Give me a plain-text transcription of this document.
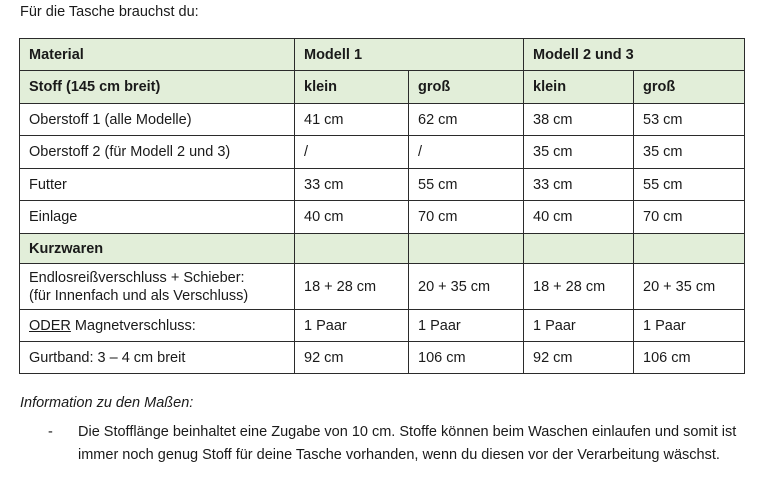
Für die Tasche brauchst du:
Material	Modell 1		Modell 2 und 3	
Stoff (145 cm breit)	klein	groß	klein	groß
Oberstoff 1 (alle Modelle)	41 cm	62 cm	38 cm	53 cm
Oberstoff 2 (für Modell 2 und 3)	/	/	35 cm	35 cm
Futter	33 cm	55 cm	33 cm	55 cm
Einlage	40 cm	70 cm	40 cm	70 cm
Kurzwaren				

Endlosreißverschluss + Schieber:
(für Innenfach und als Verschluss)	18 + 28 cm	20 + 35 cm	18 + 28 cm	20 + 35 cm
ODER Magnetverschluss:	1 Paar	1 Paar	1 Paar	1 Paar
Gurtband: 3 – 4 cm breit	92 cm	106 cm	92 cm	106 cm
Information zu den Maßen:
- Die Stofflänge beinhaltet eine Zugabe von 10 cm. Stoffe können beim Waschen einlaufen und somit ist immer noch genug Stoff für deine Tasche vorhanden, wenn du diesen vor der Verarbeitung wäschst.
